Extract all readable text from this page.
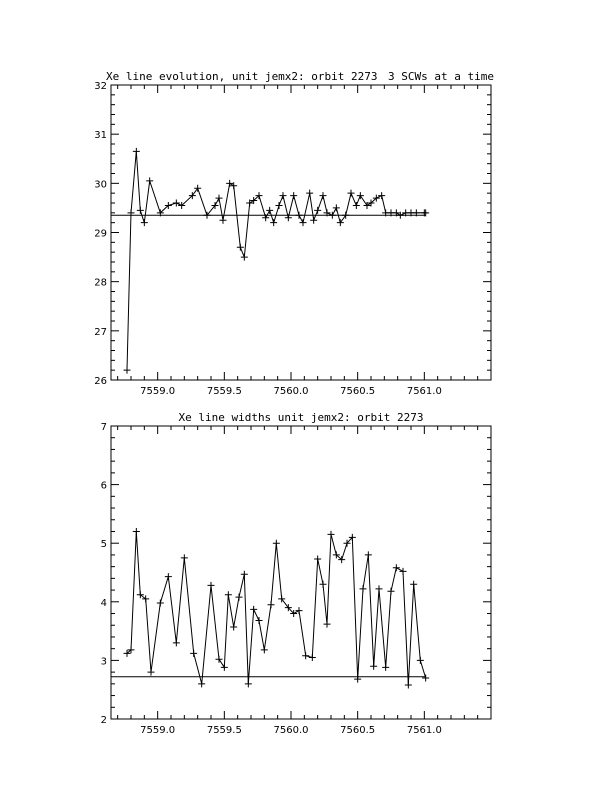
Xe line evolution, unit jemx2: orbit 2273 3 SCWs at a time
7559.0	7559.5	7560.0	7560.5	7561.0
26
27
28
29
30
31
32
Xe line widths unit jemx2: orbit 2273
7559.0	7559.5	7560.0	7560.5	7561.0
2
3
4
5
6
7
